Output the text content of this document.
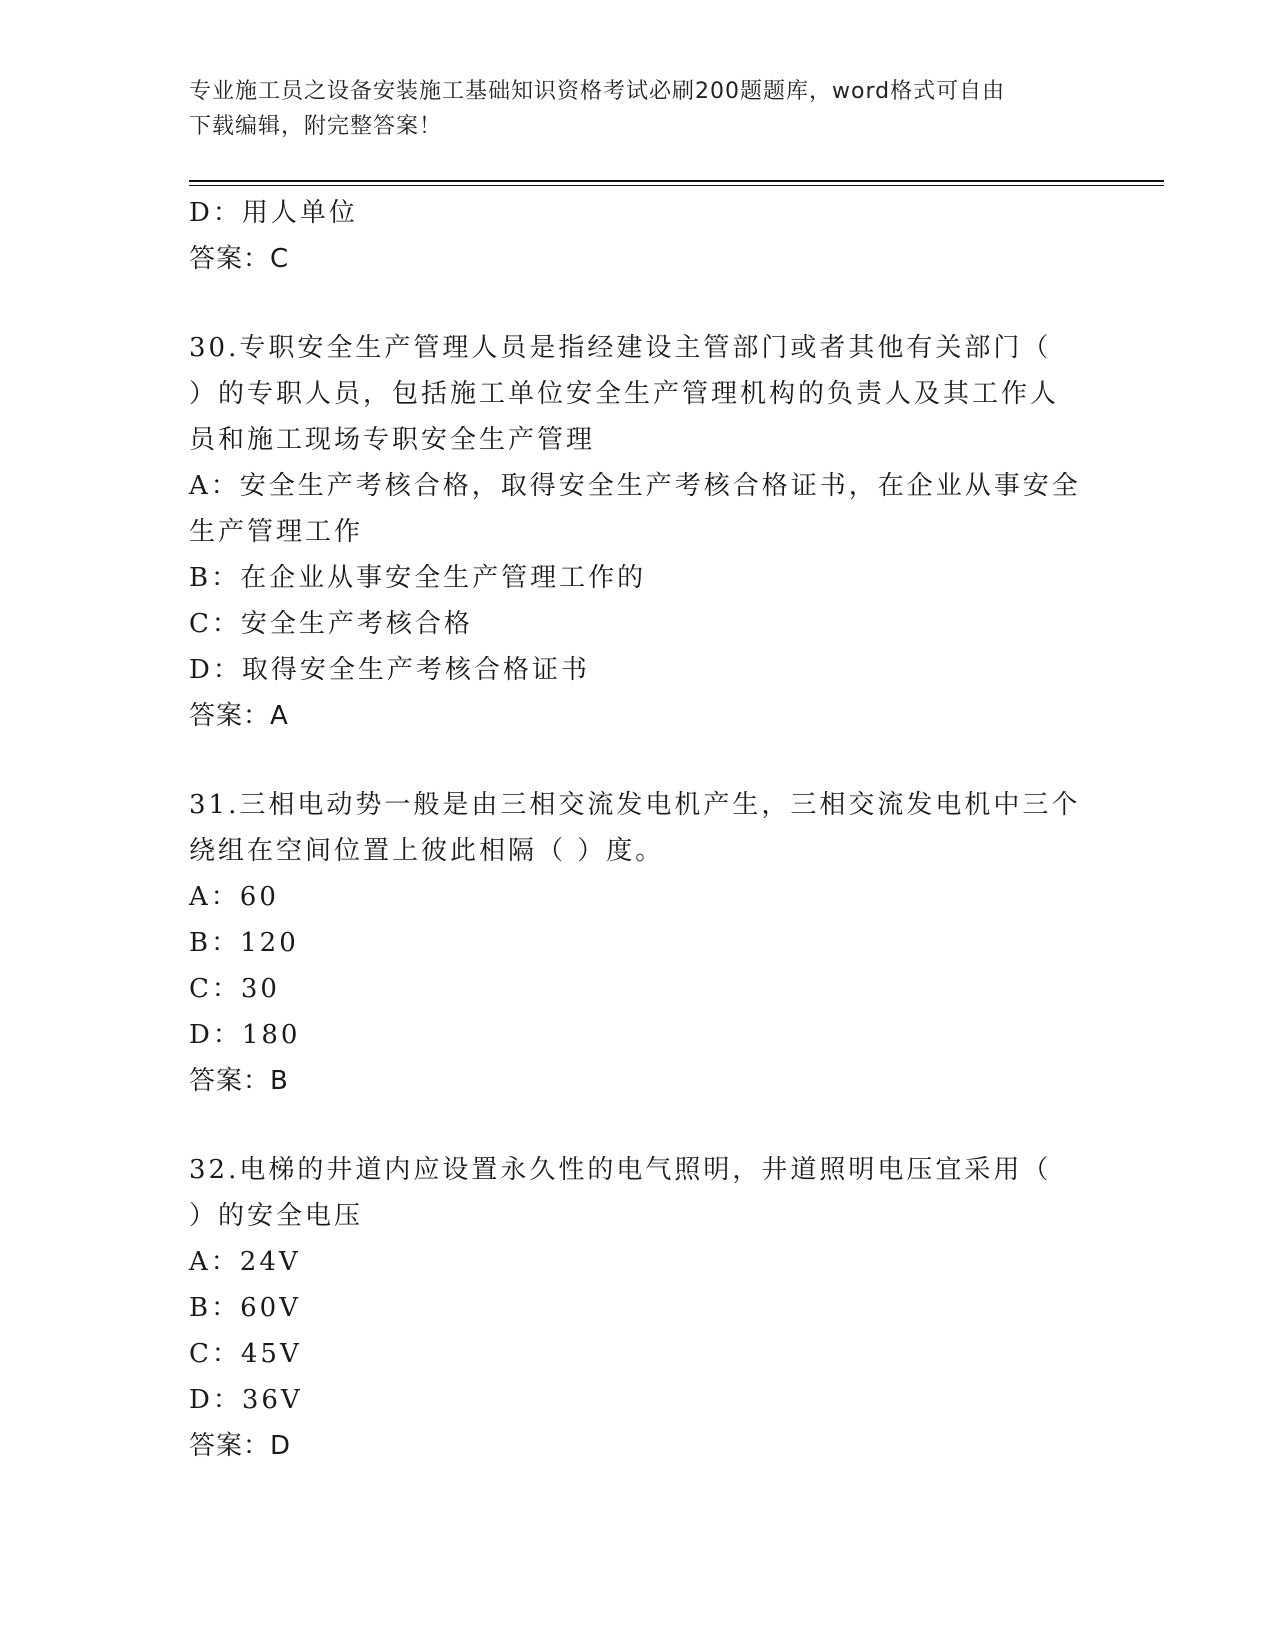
专业施工员之设备安装施工基础知识资格考试必刷200题题库，word格式可自由
下载编辑，附完整答案！
D：用人单位
答案：C
30.专职安全生产管理人员是指经建设主管部门或者其他有关部门（
）的专职人员，包括施工单位安全生产管理机构的负责人及其工作人
员和施工现场专职安全生产管理
A：安全生产考核合格，取得安全生产考核合格证书，在企业从事安全
生产管理工作
B：在企业从事安全生产管理工作的
C：安全生产考核合格
D：取得安全生产考核合格证书
答案：A
31.三相电动势一般是由三相交流发电机产生，三相交流发电机中三个
绕组在空间位置上彼此相隔（ ）度。
A：60
B：120
C：30
D：180
答案：B
32.电梯的井道内应设置永久性的电气照明，井道照明电压宜采用（
）的安全电压
A：24V
B：60V
C：45V
D：36V
答案：D
